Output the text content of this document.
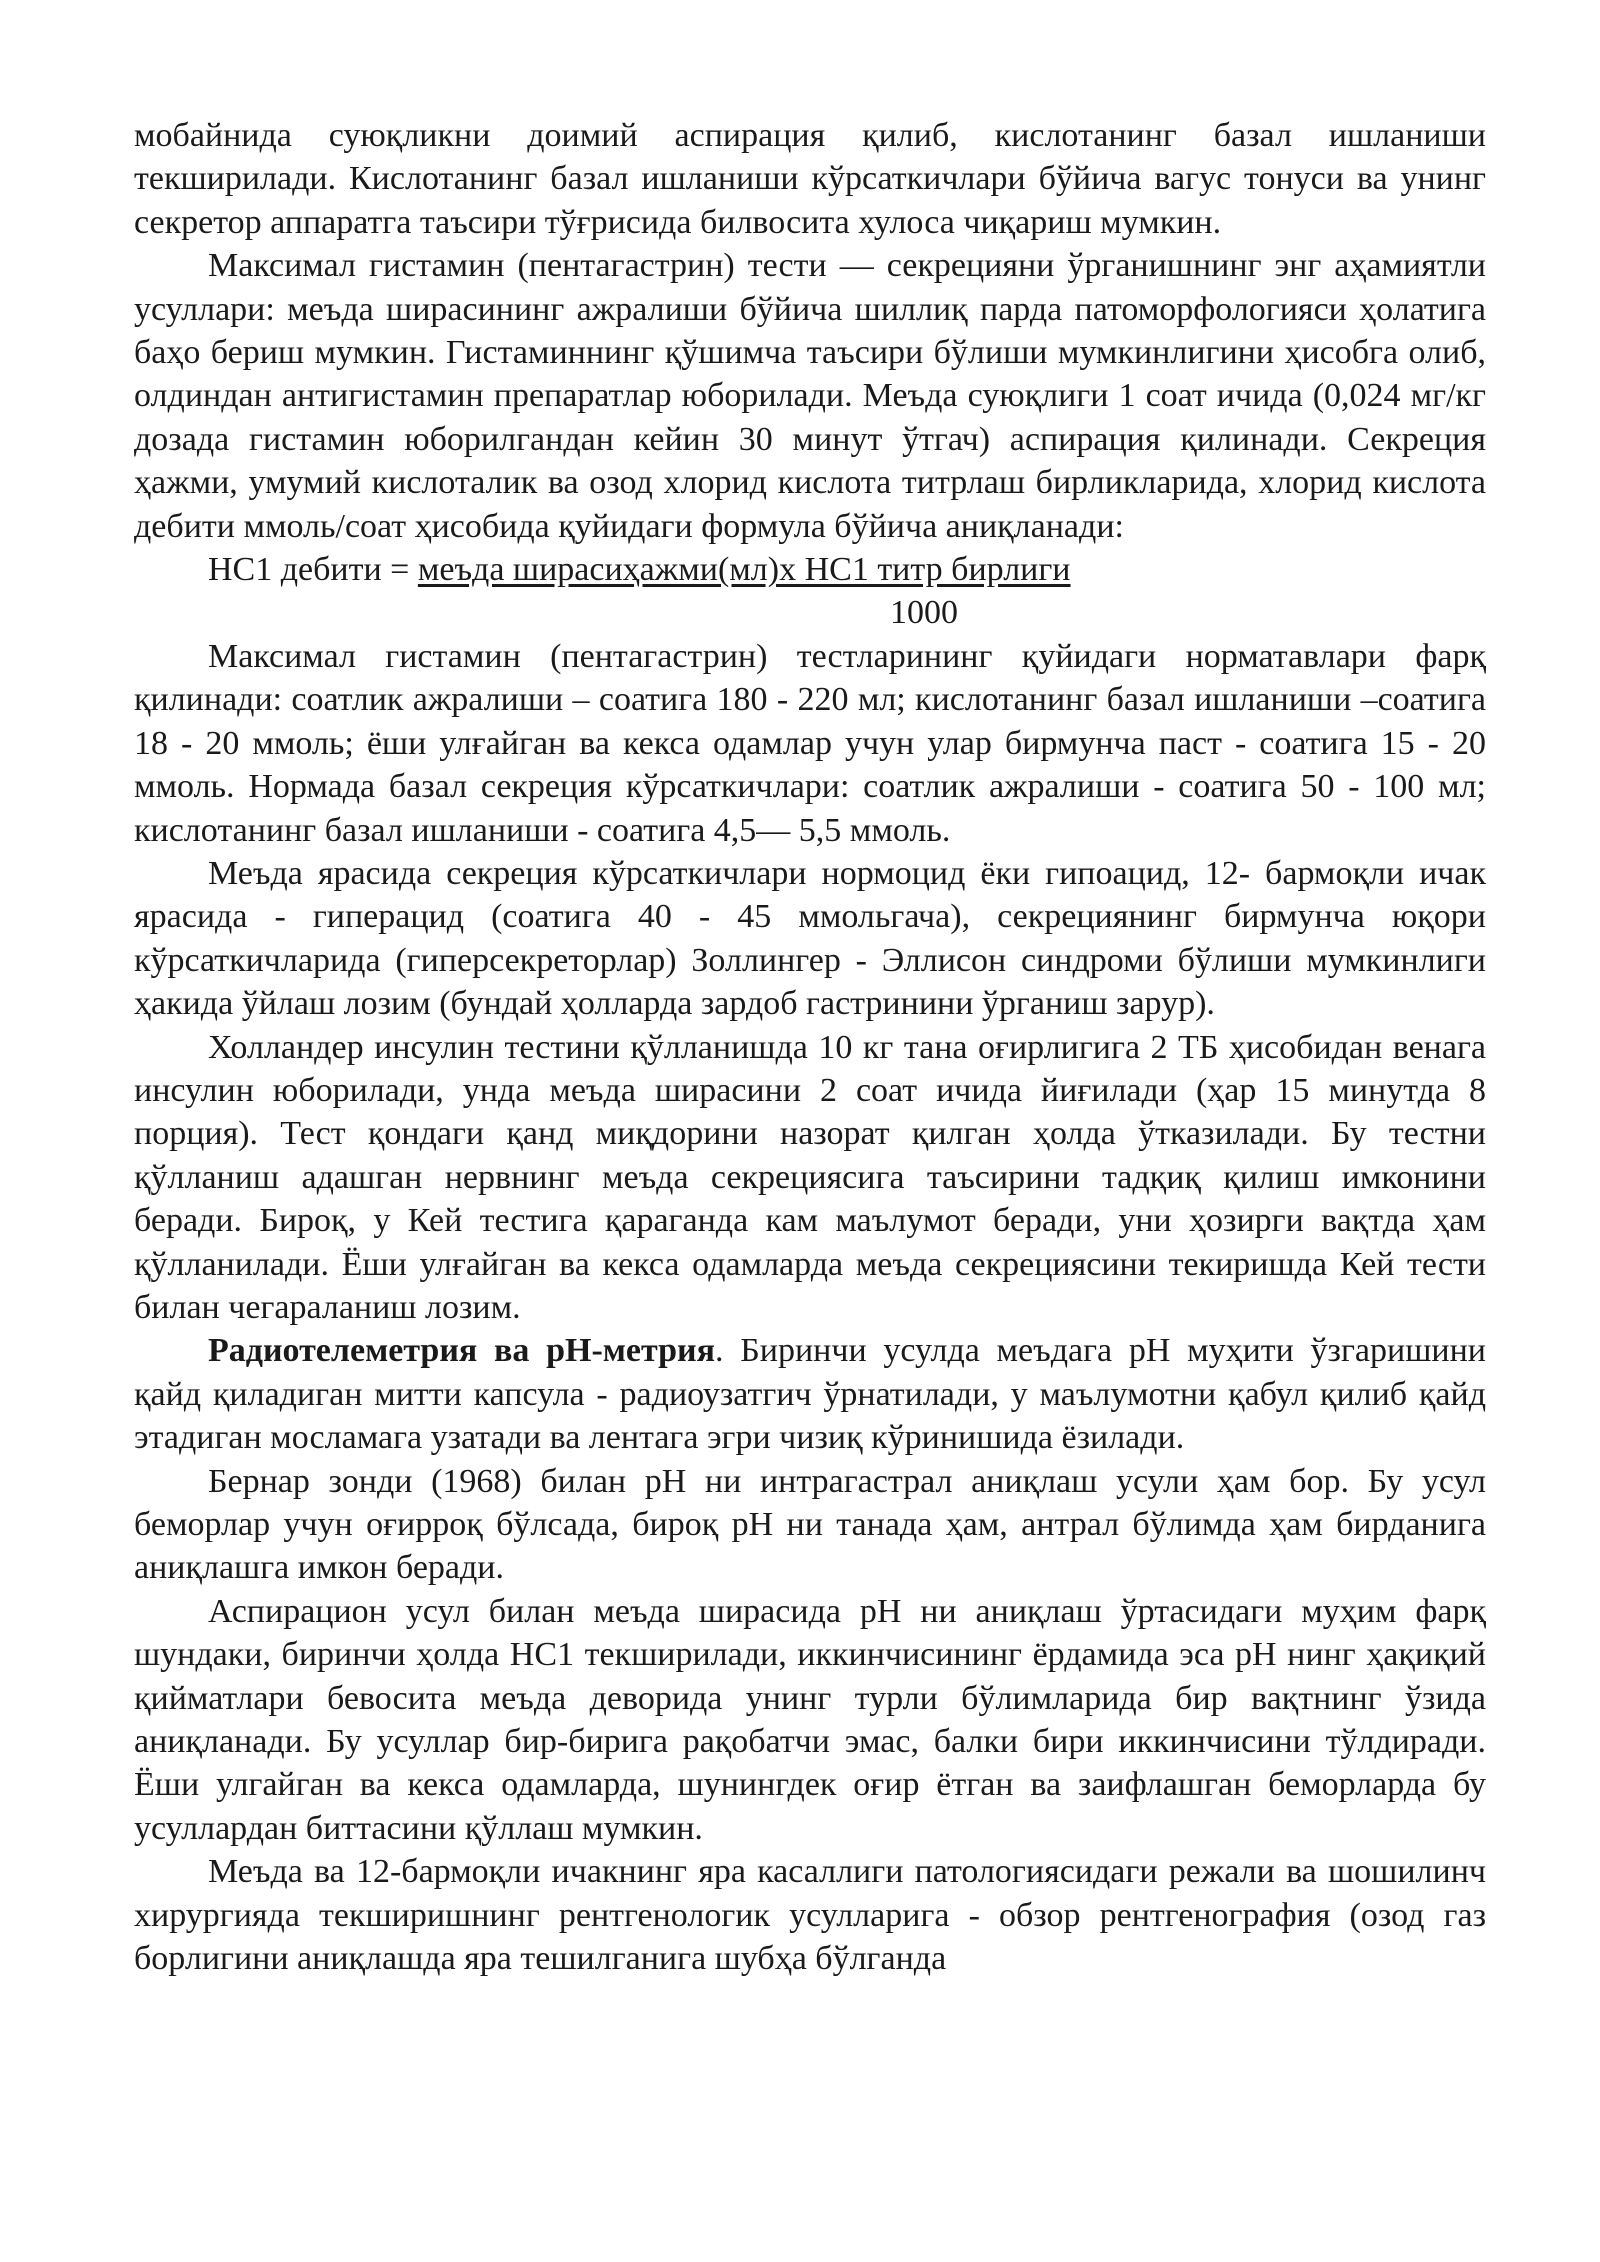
мобайнида суюқликни доимий аспирация қилиб, кислотанинг базал ишланиши текширилади. Кислотанинг базал ишланиши кўрсаткичлари бўйича вагус тонуси ва унинг секретор аппаратга таъсири тўғрисида билвосита хулоса чиқариш мумкин.

Максимал гистамин (пентагастрин) тести — секрецияни ўрганишнинг энг аҳамиятли усуллари: меъда ширасининг ажралиши бўйича шиллиқ парда патоморфологияси ҳолатига баҳо бериш мумкин. Гистаминнинг қўшимча таъсири бўлиши мумкинлигини ҳисобга олиб, олдиндан антигистамин препаратлар юборилади. Меъда суюқлиги 1 соат ичида (0,024 мг/кг дозада гистамин юборилгандан кейин 30 минут ўтгач) аспирация қилинади. Секреция ҳажми, умумий кислоталик ва озод хлорид кислота титрлаш бирликларида, хлорид кислота дебити ммоль/соат ҳисобида қуйидаги формула бўйича аниқланади:

НС1 дебити = меъда ширасиҳажми(мл)х НС1 титр бирлиги
1000

Максимал гистамин (пентагастрин) тестларининг қуйидаги норматавлари фарқ қилинади: соатлик ажралиши – соатига 180 - 220 мл; кислотанинг базал ишланиши –соатига 18 - 20 ммоль; ёши улғайган ва кекса одамлар учун улар бирмунча паст - соатига 15 - 20 ммоль. Нормада базал секреция кўрсаткичлари: соатлик ажралиши - соатига 50 - 100 мл; кислотанинг базал ишланиши - соатига 4,5— 5,5 ммоль.

Меъда ярасида секреция кўрсаткичлари нормоцид ёки гипоацид, 12- бармоқли ичак ярасида - гиперацид (соатига 40 - 45 ммольгача), секрециянинг бирмунча юқори кўрсаткичларида (гиперсекреторлар) Золлингер - Эллисон синдроми бўлиши мумкинлиги ҳакида ўйлаш лозим (бундай ҳолларда зардоб гастринини ўрганиш зарур).

Холландер инсулин тестини қўлланишда 10 кг тана оғирлигига 2 ТБ ҳисобидан венага инсулин юборилади, унда меъда ширасини 2 соат ичида йиғилади (ҳар 15 минутда 8 порция). Тест қондаги қанд миқдорини назорат қилган ҳолда ўтказилади. Бу тестни қўлланиш адашган нервнинг меъда секрециясига таъсирини тадқиқ қилиш имконини беради. Бироқ, у Кей тестига қараганда кам маълумот беради, уни ҳозирги вақтда ҳам қўлланилади. Ёши улғайган ва кекса одамларда меъда секрециясини текиришда Кей тести билан чегараланиш лозим.

Радиотелеметрия ва рН-метрия. Биринчи усулда меъдага рН муҳити ўзгаришини қайд қиладиган митти капсула - радиоузатгич ўрнатилади, у маълумотни қабул қилиб қайд этадиган мосламага узатади ва лентага эгри чизиқ кўринишида ёзилади.

Бернар зонди (1968) билан рН ни интрагастрал аниқлаш усули ҳам бор. Бу усул беморлар учун оғирроқ бўлсада, бироқ рН ни танада ҳам, антрал бўлимда ҳам бирданига аниқлашга имкон беради.

Аспирацион усул билан меъда ширасида рН ни аниқлаш ўртасидаги муҳим фарқ шундаки, биринчи ҳолда НС1 текширилади, иккинчисининг ёрдамида эса рН нинг ҳақиқий қийматлари бевосита меъда деворида унинг турли бўлимларида бир вақтнинг ўзида аниқланади. Бу усуллар бир-бирига рақобатчи эмас, балки бири иккинчисини тўлдиради. Ёши улгайган ва кекса одамларда, шунингдек оғир ётган ва заифлашган беморларда бу усуллардан биттасини қўллаш мумкин.

Меъда ва 12-бармоқли ичакнинг яра касаллиги патологиясидаги режали ва шошилинч хирургияда текширишнинг рентгенологик усулларига - обзор рентгенография (озод газ борлигини аниқлашда яра тешилганига шубҳа бўлганда
